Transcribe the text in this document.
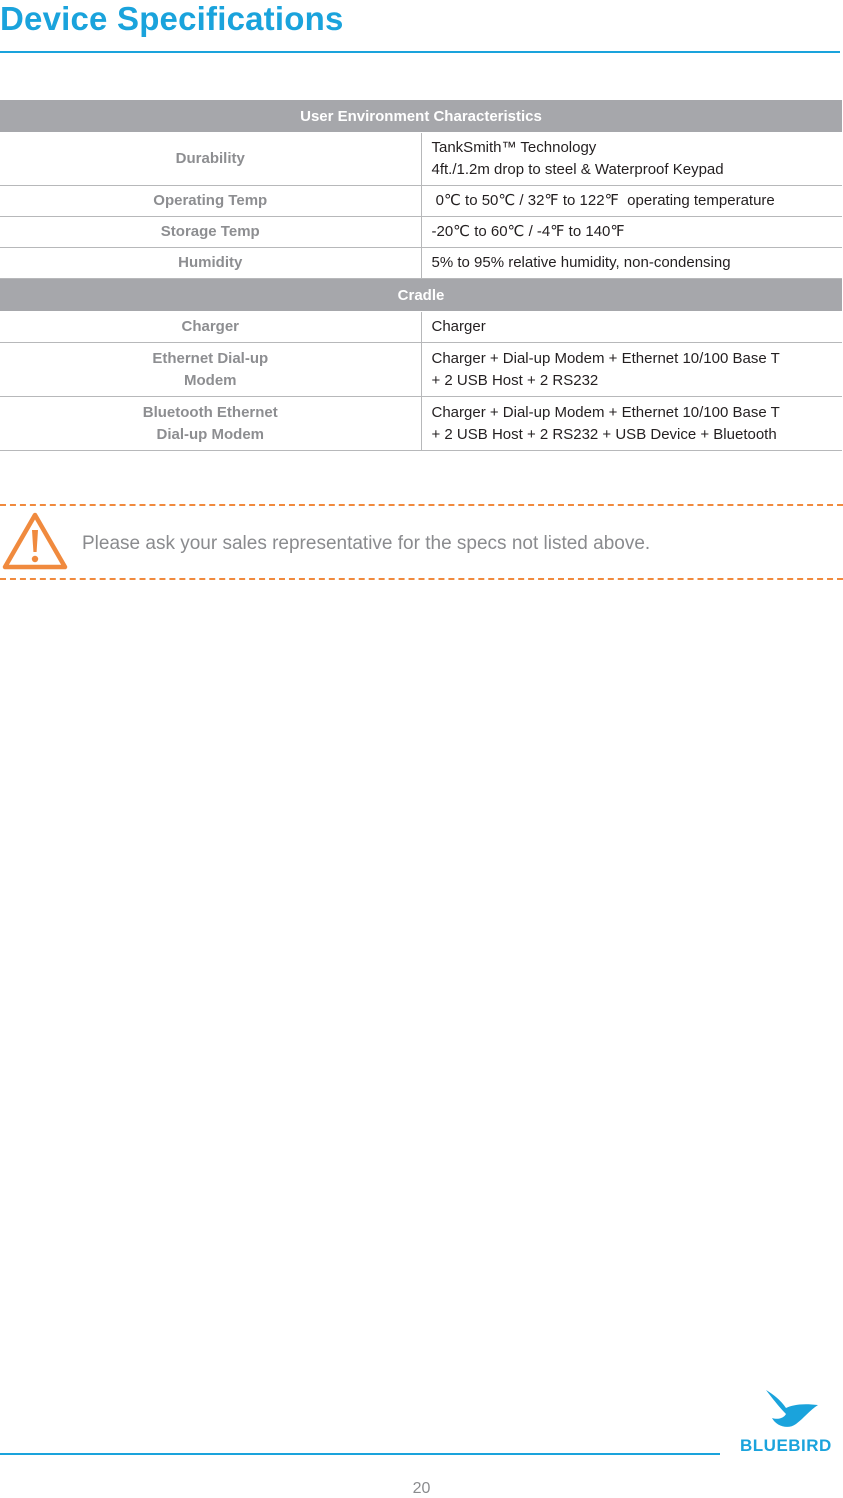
Device Specifications
User Environment Characteristics	
Durability	TankSmith™ Technology
4ft./1.2m drop to steel & Waterproof Keypad
Operating Temp	0℃ to 50℃ / 32℉ to 122℉  operating temperature
Storage Temp	-20℃ to 60℃ / -4℉ to 140℉
Humidity	5% to 95% relative humidity, non-condensing
Cradle	
Charger	Charger
Ethernet Dial-up
Modem	Charger + Dial-up Modem + Ethernet 10/100 Base T
+ 2 USB Host + 2 RS232
Bluetooth Ethernet
Dial-up Modem	Charger + Dial-up Modem + Ethernet 10/100 Base T
+ 2 USB Host + 2 RS232 + USB Device + Bluetooth
Please ask your sales representative for the specs not listed above.
BLUEBIRD
20
